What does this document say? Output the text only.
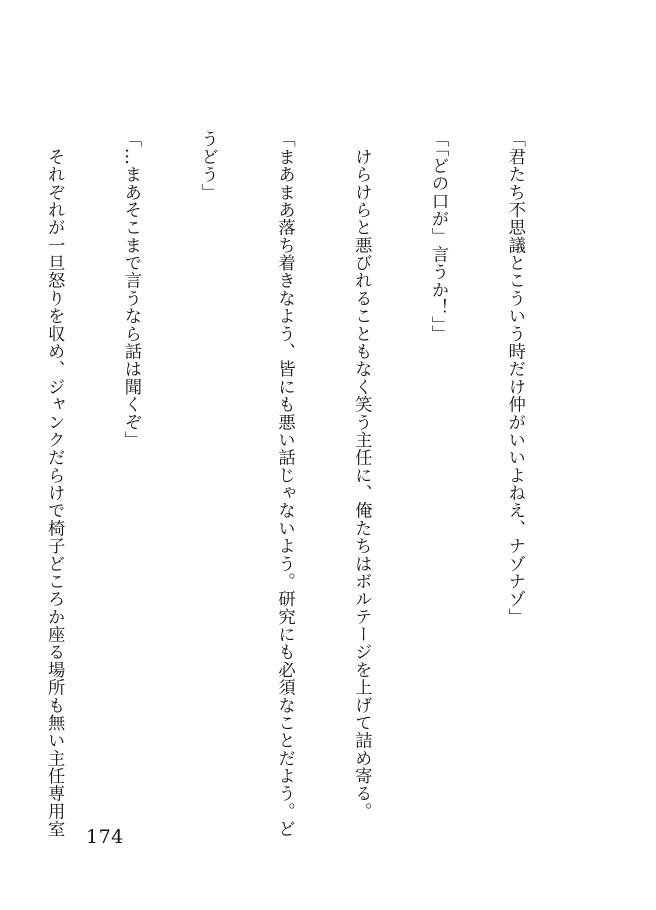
「君たち不思議とこういう時だけ仲がいいよねえ、ナゾナゾ」

「「どの口が」言うか！」」

　けらけらと悪びれることもなく笑う主任に、俺たちはボルテージを上げて詰め寄る。

「まあまあ落ち着きなよう、皆にも悪い話じゃないよう。研究にも必須なことだよう。ど

うどう」

「…まあそこまで言うなら話は聞くぞ」

　それぞれが一旦怒りを収め、ジャンクだらけで椅子どころか座る場所も無い主任専用室

174
